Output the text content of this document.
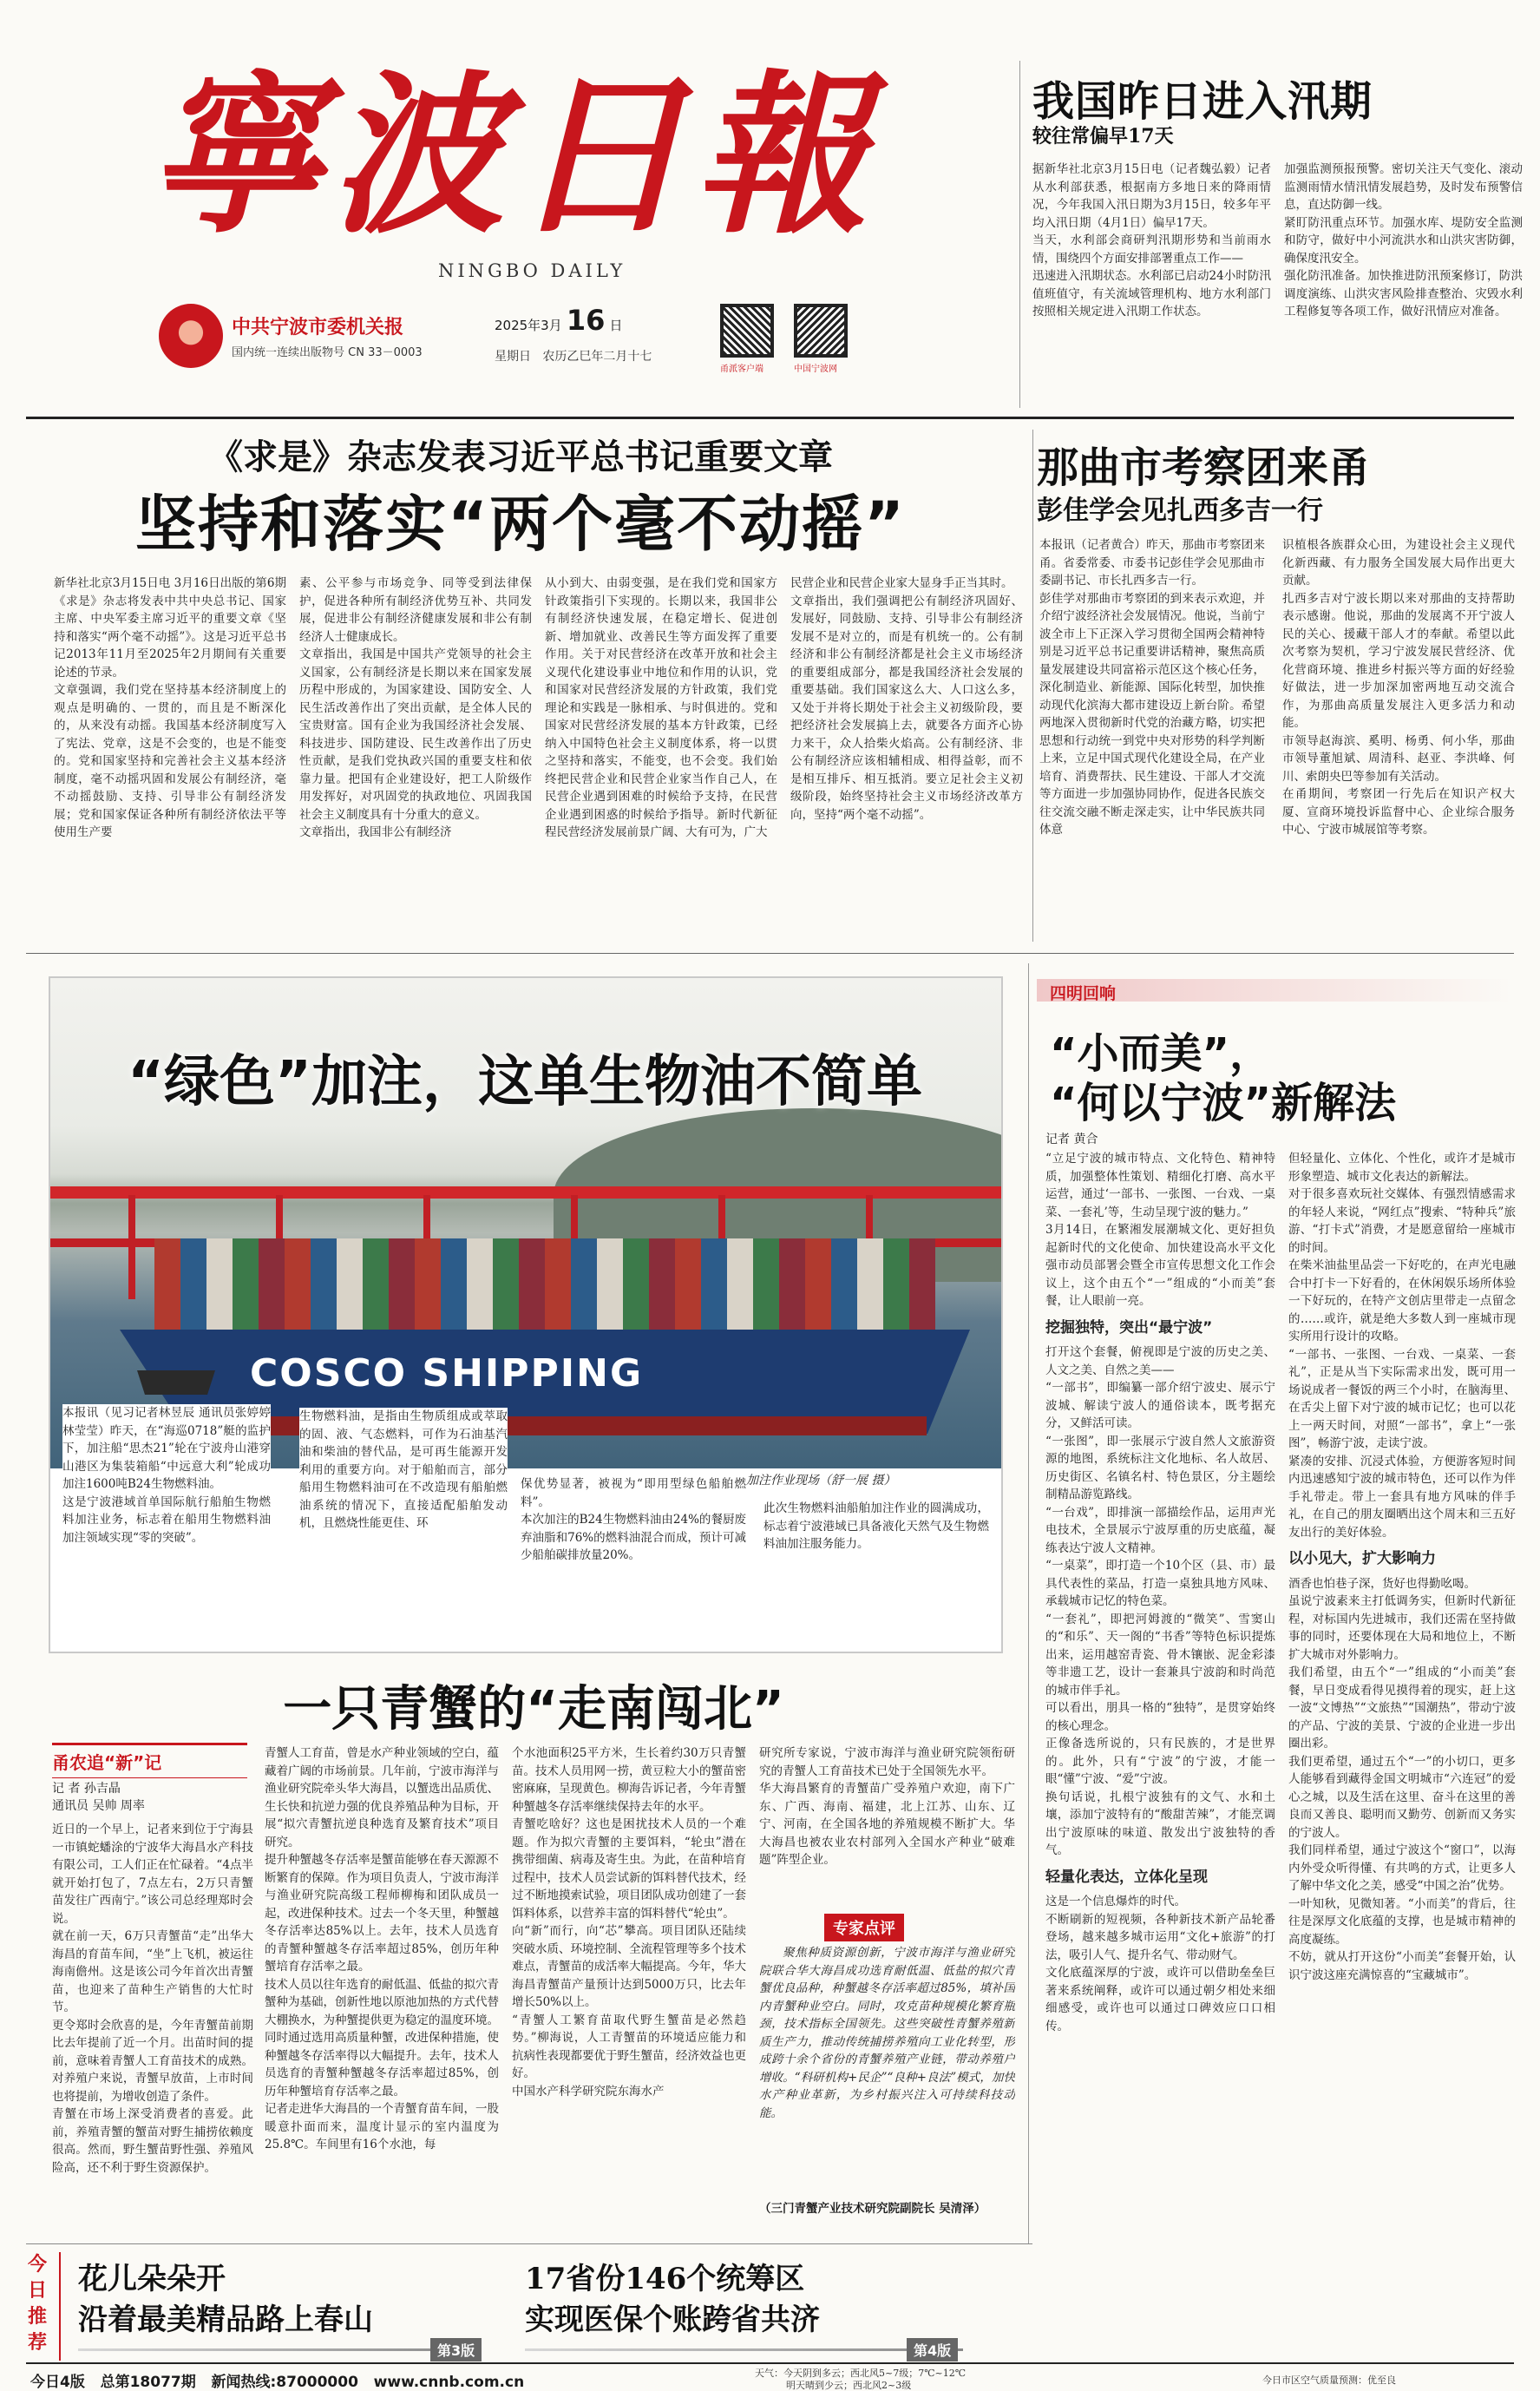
寧波日報
NINGBO DAILY
中共宁波市委机关报
国内统一连续出版物号 CN 33－0003
2025年3月 16 日
星期日   农历乙巳年二月十七
甬派客户端	中国宁波网
我国昨日进入汛期
较往常偏早17天
据新华社北京3月15日电（记者魏弘毅）记者从水利部获悉，根据南方多地日来的降雨情况，今年我国入汛日期为3月15日，较多年平均入汛日期（4月1日）偏早17天。
当天，水利部会商研判汛期形势和当前雨水情，围绕四个方面安排部署重点工作——
迅速进入汛期状态。水利部已启动24小时防汛值班值守，有关流域管理机构、地方水利部门按照相关规定进入汛期工作状态。
加强监测预报预警。密切关注天气变化、滚动监测雨情水情汛情发展趋势，及时发布预警信息，直达防御一线。
紧盯防汛重点环节。加强水库、堤防安全监测和防守，做好中小河流洪水和山洪灾害防御，确保度汛安全。
强化防汛准备。加快推进防汛预案修订，防洪调度演练、山洪灾害风险排查整治、灾毁水利工程修复等各项工作，做好汛情应对准备。
《求是》杂志发表习近平总书记重要文章
坚持和落实“两个毫不动摇”
新华社北京3月15日电 3月16日出版的第6期《求是》杂志将发表中共中央总书记、国家主席、中央军委主席习近平的重要文章《坚持和落实“两个毫不动摇”》。这是习近平总书记2013年11月至2025年2月期间有关重要论述的节录。
文章强调，我们党在坚持基本经济制度上的观点是明确的、一贯的，而且是不断深化的，从来没有动摇。我国基本经济制度写入了宪法、党章，这是不会变的，也是不能变的。党和国家坚持和完善社会主义基本经济制度，毫不动摇巩固和发展公有制经济，毫不动摇鼓励、支持、引导非公有制经济发展；党和国家保证各种所有制经济依法平等使用生产要
素、公平参与市场竞争、同等受到法律保护，促进各种所有制经济优势互补、共同发展，促进非公有制经济健康发展和非公有制经济人士健康成长。
文章指出，我国是中国共产党领导的社会主义国家，公有制经济是长期以来在国家发展历程中形成的，为国家建设、国防安全、人民生活改善作出了突出贡献，是全体人民的宝贵财富。国有企业为我国经济社会发展、科技进步、国防建设、民生改善作出了历史性贡献，是我们党执政兴国的重要支柱和依靠力量。把国有企业建设好，把工人阶级作用发挥好，对巩固党的执政地位、巩固我国社会主义制度具有十分重大的意义。
文章指出，我国非公有制经济
从小到大、由弱变强，是在我们党和国家方针政策指引下实现的。长期以来，我国非公有制经济快速发展，在稳定增长、促进创新、增加就业、改善民生等方面发挥了重要作用。关于对民营经济在改革开放和社会主义现代化建设事业中地位和作用的认识，党和国家对民营经济发展的方针政策，我们党理论和实践是一脉相承、与时俱进的。党和国家对民营经济发展的基本方针政策，已经纳入中国特色社会主义制度体系，将一以贯之坚持和落实，不能变，也不会变。我们始终把民营企业和民营企业家当作自己人，在民营企业遇到困难的时候给予支持，在民营企业遇到困惑的时候给予指导。新时代新征程民营经济发展前景广阔、大有可为，广大
民营企业和民营企业家大显身手正当其时。
文章指出，我们强调把公有制经济巩固好、发展好，同鼓励、支持、引导非公有制经济发展不是对立的，而是有机统一的。公有制经济和非公有制经济都是社会主义市场经济的重要组成部分，都是我国经济社会发展的重要基础。我们国家这么大、人口这么多，又处于并将长期处于社会主义初级阶段，要把经济社会发展搞上去，就要各方面齐心协力来干，众人拾柴火焰高。公有制经济、非公有制经济应该相辅相成、相得益彰，而不是相互排斥、相互抵消。要立足社会主义初级阶段，始终坚持社会主义市场经济改革方向，坚持“两个毫不动摇”。
那曲市考察团来甬
彭佳学会见扎西多吉一行
本报讯（记者黄合）昨天，那曲市考察团来甬。省委常委、市委书记彭佳学会见那曲市委副书记、市长扎西多吉一行。
彭佳学对那曲市考察团的到来表示欢迎，并介绍宁波经济社会发展情况。他说，当前宁波全市上下正深入学习贯彻全国两会精神特别是习近平总书记重要讲话精神，聚焦高质量发展建设共同富裕示范区这个核心任务，深化制造业、新能源、国际化转型，加快推动现代化滨海大都市建设迈上新台阶。希望两地深入贯彻新时代党的治藏方略，切实把思想和行动统一到党中央对形势的科学判断上来，立足中国式现代化建设全局，在产业培育、消费帮扶、民生建设、干部人才交流等方面进一步加强协同协作，促进各民族交往交流交融不断走深走实，让中华民族共同体意
识植根各族群众心田，为建设社会主义现代化新西藏、有力服务全国发展大局作出更大贡献。
扎西多吉对宁波长期以来对那曲的支持帮助表示感谢。他说，那曲的发展离不开宁波人民的关心、援藏干部人才的奉献。希望以此次考察为契机，学习宁波发展民营经济、优化营商环境、推进乡村振兴等方面的好经验好做法，进一步加深加密两地互动交流合作，为那曲高质量发展注入更多活力和动能。
市领导赵海滨、奚明、杨勇、何小华，那曲市领导董旭斌、周清科、赵亚、李洪峰、何川、索朗央巴等参加有关活动。
在甬期间，考察团一行先后在知识产权大厦、宣商环境投诉监督中心、企业综合服务中心、宁波市城展馆等考察。
COSCO SHIPPING
“绿色”加注，这单生物油不简单
本报讯（见习记者林昱辰 通讯员张婷婷 林莹莹）昨天，在“海巡0718”艇的监护下，加注船“思杰21”轮在宁波舟山港穿山港区为集装箱船“中远意大利”轮成功加注1600吨B24生物燃料油。
这是宁波港域首单国际航行船舶生物燃料加注业务，标志着在船用生物燃料油加注领域实现“零的突破”。
生物燃料油，是指由生物质组成或萃取的固、液、气态燃料，可作为石油基汽油和柴油的替代品，是可再生能源开发利用的重要方向。对于船舶而言，部分船用生物燃料油可在不改造现有船舶燃油系统的情况下，直接适配船舶发动机，且燃烧性能更佳、环
保优势显著，被视为“即用型绿色船舶燃料”。
本次加注的B24生物燃料油由24%的餐厨废弃油脂和76%的燃料油混合而成，预计可减少船舶碳排放量20%。
加注作业现场（舒一展 摄）
此次生物燃料油船舶加注作业的圆满成功，标志着宁波港域已具备液化天然气及生物燃料油加注服务能力。
四明回响
“小而美”，
“何以宁波”新解法
记者 黄合
“立足宁波的城市特点、文化特色、精神特质，加强整体性策划、精细化打磨、高水平运营，通过‘一部书、一张图、一台戏、一桌菜、一套礼’等，生动呈现宁波的魅力。”
3月14日，在繁湘发展潮城文化、更好担负起新时代的文化使命、加快建设高水平文化强市动员部署会暨全市宣传思想文化工作会议上，这个由五个“一”组成的“小而美”套餐，让人眼前一亮。
挖掘独特，突出“最宁波”
打开这个套餐，俯视即是宁波的历史之美、人文之美、自然之美——
“一部书”，即编纂一部介绍宁波史、展示宁波城、解读宁波人的通俗读本，既考据充分，又鲜活可读。
“一张图”，即一张展示宁波自然人文旅游资源的地图，系统标注文化地标、名人故居、历史街区、名镇名村、特色景区，分主题绘制精品游览路线。
“一台戏”，即排演一部描绘作品，运用声光电技术，全景展示宁波厚重的历史底蕴，凝练表达宁波人文精神。
“一桌菜”，即打造一个10个区（县、市）最具代表性的菜品，打造一桌独具地方风味、承载城市记忆的特色菜。
“一套礼”，即把河姆渡的“微笑”、雪窦山的“和乐”、天一阁的“书香”等特色标识提炼出来，运用越窑青瓷、骨木镶嵌、泥金彩漆等非遗工艺，设计一套兼具宁波韵和时尚范的城市伴手礼。
可以看出，朋具一格的“独特”，是贯穿始终的核心理念。
正像备选所说的，只有民族的，才是世界的。此外，只有“宁波”的宁波，才能一眼“懂”宁波、“爱”宁波。
换句话说，扎根宁波独有的文气、水和土壤，添加宁波特有的“酸甜苦辣”，才能烹调出宁波原味的味道、散发出宁波独特的香气。
轻量化表达，立体化呈现
这是一个信息爆炸的时代。
不断刷新的短视频，各种新技术新产品轮番登场，越来越多城市运用“文化+旅游”的打法，吸引人气、提升名气、带动财气。
文化底蕴深厚的宁波，或许可以借助垒垒巨著来系统阐释，或许可以通过朝夕相处来细细感受，或许也可以通过口碑效应口口相传。
但轻量化、立体化、个性化，或许才是城市形象塑造、城市文化表达的新解法。
对于很多喜欢玩社交媒体、有强烈情感需求的年轻人来说，“网红点”搜索、“特种兵”旅游、“打卡式”消费，才是愿意留给一座城市的时间。
在柴米油盐里品尝一下好吃的，在声光电融合中打卡一下好看的，在休闲娱乐场所体验一下好玩的，在特产文创店里带走一点留念的……或许，就是绝大多数人到一座城市现实所用行设计的攻略。
“一部书、一张图、一台戏、一桌菜、一套礼”，正是从当下实际需求出发，既可用一场说成者一餐饭的两三个小时，在脑海里、在舌尖上留下对宁波的城市记忆；也可以花上一两天时间，对照“一部书”，拿上“一张图”，畅游宁波，走读宁波。
紧凑的安排、沉浸式体验，方便游客短时间内迅速感知宁波的城市特色，还可以作为伴手礼带走。带上一套具有地方风味的伴手礼，在自己的朋友圈晒出这个周末和三五好友出行的美好体验。
以小见大，扩大影响力
酒香也怕巷子深，货好也得勤吆喝。
虽说宁波素来主打低调务实，但新时代新征程，对标国内先进城市，我们还需在坚持做事的同时，还要体现在大局和地位上，不断扩大城市对外影响力。
我们希望，由五个“一”组成的“小而美”套餐，早日变成看得见摸得着的现实，赶上这一波“文博热”“文旅热”“国潮热”，带动宁波的产品、宁波的美景、宁波的企业进一步出圈出彩。
我们更希望，通过五个“一”的小切口，更多人能够看到藏得金国文明城市“六连冠”的爱心之城，以及生活在这里、奋斗在这里的善良而又善良、聪明而又勤劳、创新而又务实的宁波人。
我们同样希望，通过宁波这个“窗口”，以海内外受众听得懂、有共鸣的方式，让更多人了解中华文化之美，感受“中国之治”优势。
一叶知秋，见微知著。“小而美”的背后，往往是深厚文化底蕴的支撑，也是城市精神的高度凝练。
不妨，就从打开这份“小而美”套餐开始，认识宁波这座充满惊喜的“宝藏城市”。
一只青蟹的“走南闯北”
甬农追“新”记
记 者 孙吉晶
通讯员 吴帅 周率
近日的一个早上，记者来到位于宁海县一市镇蛇蟠涂的宁波华大海昌水产科技有限公司，工人们正在忙碌着。“4点半就开始打包了，7点左右，2万只青蟹苗发往广西南宁。”该公司总经理郑时会说。
就在前一天，6万只青蟹苗“走”出华大海昌的育苗车间，“坐”上飞机，被运往海南儋州。这是该公司今年首次出青蟹苗，也迎来了苗种生产销售的大忙时节。
更令郑时会欣喜的是，今年青蟹苗前期比去年提前了近一个月。出苗时间的提前，意味着青蟹人工育苗技术的成熟。对养殖户来说，青蟹早放苗，上市时间也将提前，为增收创造了条件。
青蟹在市场上深受消费者的喜爱。此前，养殖青蟹的蟹苗对野生捕捞依赖度很高。然而，野生蟹苗野性强、养殖风险高，还不利于野生资源保护。
青蟹人工育苗，曾是水产种业领域的空白，蕴藏着广阔的市场前景。几年前，宁波市海洋与渔业研究院牵头华大海昌，以蟹选出品质优、生长快和抗逆力强的优良养殖品种为目标，开展“拟穴青蟹抗逆良种选育及繁育技术”项目研究。
提升种蟹越冬存活率是蟹苗能够在春天源源不断繁育的保障。作为项目负责人，宁波市海洋与渔业研究院高级工程师柳梅和团队成员一起，改进保种技术。过去一个冬天里，种蟹越冬存活率达85%以上。去年，技术人员选育的青蟹种蟹越冬存活率超过85%，创历年种蟹培育存活率之最。
技术人员以往年选育的耐低温、低盐的拟穴青蟹种为基础，创新性地以原池加热的方式代替大棚换水，为种蟹提供更为稳定的温度环境。同时通过选用高质量种蟹，改进保种措施，使种蟹越冬存活率得以大幅提升。去年，技术人员选育的青蟹种蟹越冬存活率超过85%，创历年种蟹培育存活率之最。
记者走进华大海昌的一个青蟹育苗车间，一股暖意扑面而来，温度计显示的室内温度为25.8℃。车间里有16个水池，每
个水池面积25平方米，生长着约30万只青蟹苗。技术人员用网一捞，黄豆粒大小的蟹苗密密麻麻，呈现黄色。柳海告诉记者，今年青蟹种蟹越冬存活率继续保持去年的水平。
青蟹吃啥好？这也是困扰技术人员的一个难题。作为拟穴青蟹的主要饵料，“轮虫”潜在携带细菌、病毒及寄生虫。为此，在苗种培育过程中，技术人员尝试新的饵料替代技术，经过不断地摸索试验，项目团队成功创建了一套饵料体系，以营养丰富的饵料替代“轮虫”。
向“新”而行，向“芯”攀高。项目团队还陆续突破水质、环境控制、全流程管理等多个技术难点，青蟹苗的成活率大幅提高。今年，华大海昌青蟹苗产量预计达到5000万只，比去年增长50%以上。
“青蟹人工繁育苗取代野生蟹苗是必然趋势。”柳海说，人工青蟹苗的环境适应能力和抗病性表现都要优于野生蟹苗，经济效益也更好。
中国水产科学研究院东海水产
研究所专家说，宁波市海洋与渔业研究院领衔研究的青蟹人工育苗技术已处于全国领先水平。
华大海昌繁育的青蟹苗广受养殖户欢迎，南下广东、广西、海南、福建，北上江苏、山东、辽宁、河南，在全国各地的养殖规模不断扩大。华大海昌也被农业农村部列入全国水产种业“破难题”阵型企业。
专家点评
聚焦种质资源创新，宁波市海洋与渔业研究院联合华大海昌成功选育耐低温、低盐的拟穴青蟹优良品种，种蟹越冬存活率超过85%，填补国内青蟹种业空白。同时，攻克苗种规模化繁育瓶颈，技术指标全国领先。这些突破性青蟹养殖新质生产力，推动传统捕捞养殖向工业化转型，形成跨十余个省份的青蟹养殖产业链，带动养殖户增收。“科研机构+民企”“良种+良法”模式，加快水产种业革新，为乡村振兴注入可持续科技动能。
（三门青蟹产业技术研究院副院长 吴清泽）
今日推荐
花儿朵朵开
沿着最美精品路上春山
第3版
17省份146个统筹区
实现医保个账跨省共济
第4版
今日4版   总第18077期   新闻热线:87000000   www.cnnb.com.cn
天气：今天阴到多云；西北风5~7级；7℃~12℃
明天晴到少云；西北风2~3级	今日市区空气质量预测：优至良
